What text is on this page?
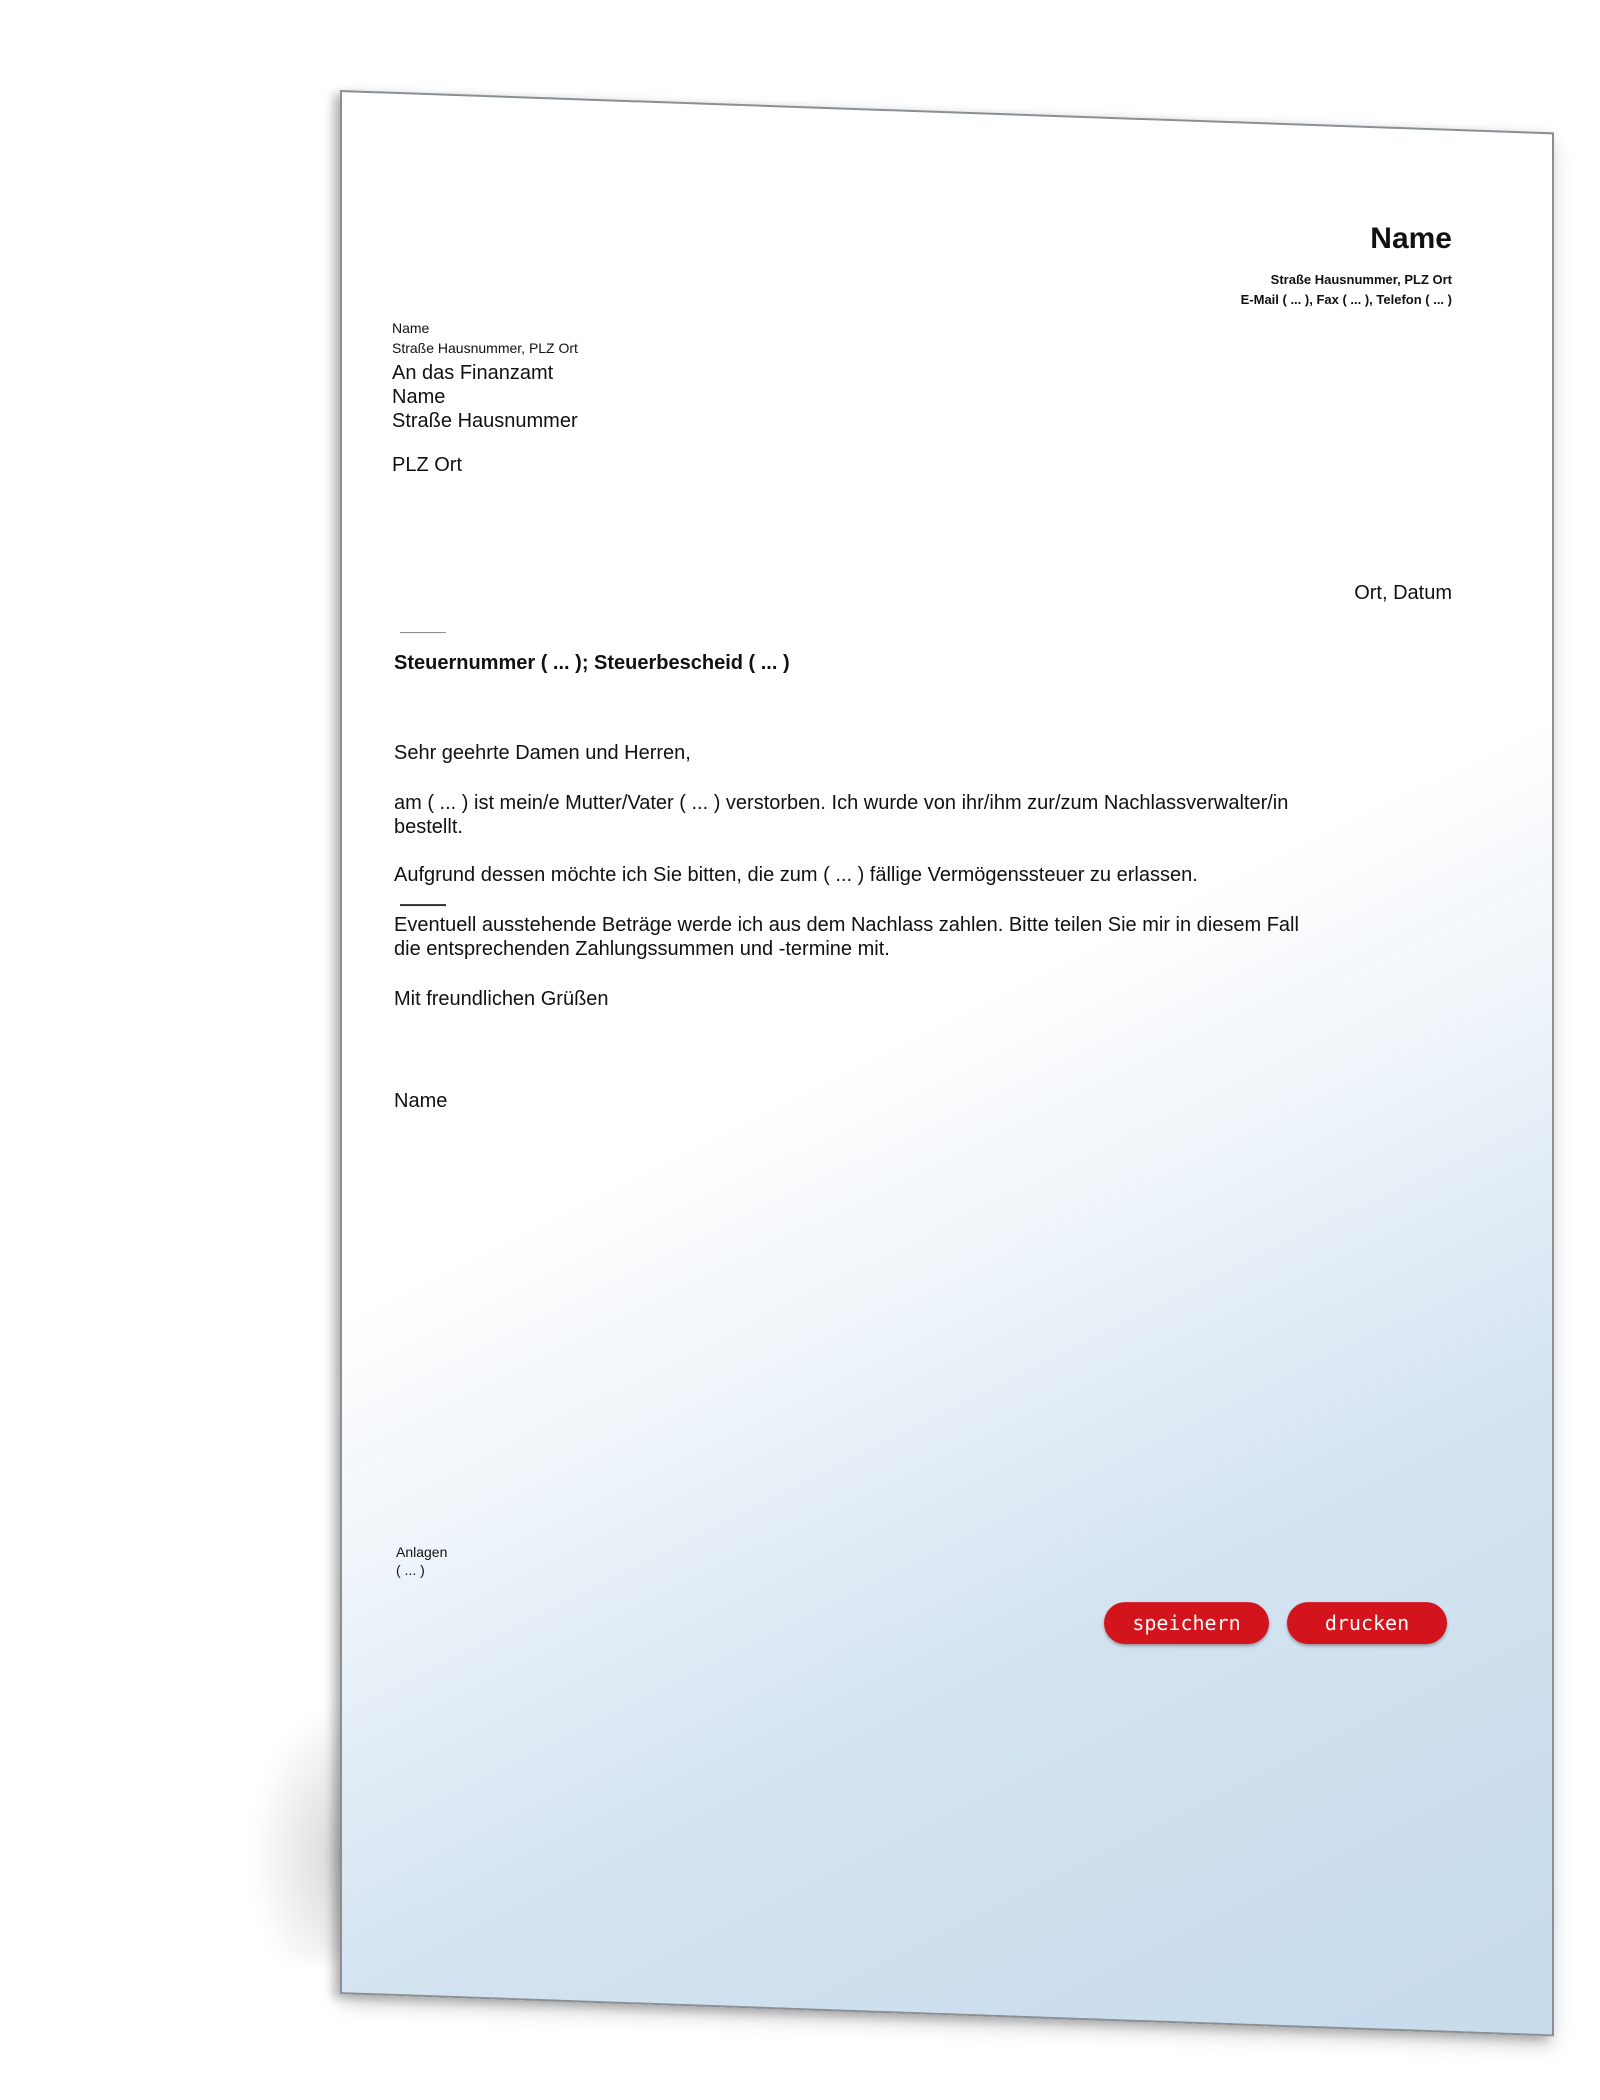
Name
Straße Hausnummer, PLZ Ort
E-Mail ( ... ), Fax ( ... ), Telefon ( ... )
Name
Straße Hausnummer, PLZ Ort
An das Finanzamt
Name
Straße Hausnummer
PLZ Ort
Ort, Datum
Steuernummer ( ... ); Steuerbescheid ( ... )
Sehr geehrte Damen und Herren,
am ( ... ) ist mein/e Mutter/Vater ( ... ) verstorben. Ich wurde von ihr/ihm zur/zum Nachlassverwalter/in
bestellt.
Aufgrund dessen möchte ich Sie bitten, die zum ( ... ) fällige Vermögenssteuer zu erlassen.
Eventuell ausstehende Beträge werde ich aus dem Nachlass zahlen. Bitte teilen Sie mir in diesem Fall
die entsprechenden Zahlungssummen und -termine mit.
Mit freundlichen Grüßen
Name
Anlagen
( ... )
speichern	drucken
